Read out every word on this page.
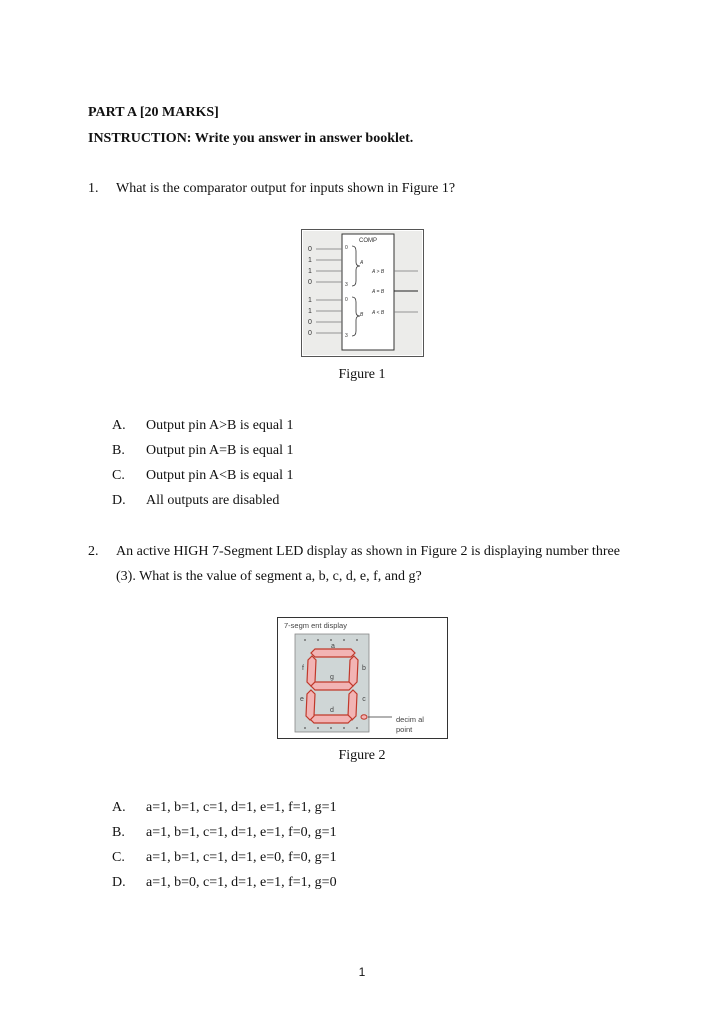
PART A [20 MARKS]
INSTRUCTION: Write you answer in answer booklet.
1. What is the comparator output for inputs shown in Figure 1?
COMP
0
1
1
0
1
1
0
0
0
3
0
3
A
B
A > B
A = B
A < B
Figure 1
A.	Output pin A>B is equal 1
B.	Output pin A=B is equal 1
C.	Output pin A<B is equal 1
D.	All outputs are disabled
2. An active HIGH 7-Segment LED display as shown in Figure 2 is displaying number three
(3). What is the value of segment a, b, c, d, e, f, and g?
7-segm ent display
a
b
c
d
e
f
g
decim al
point
Figure 2
A.	a=1, b=1, c=1, d=1, e=1, f=1, g=1
B.	a=1, b=1, c=1, d=1, e=1, f=0, g=1
C.	a=1, b=1, c=1, d=1, e=0, f=0, g=1
D.	a=1, b=0, c=1, d=1, e=1, f=1, g=0
1
